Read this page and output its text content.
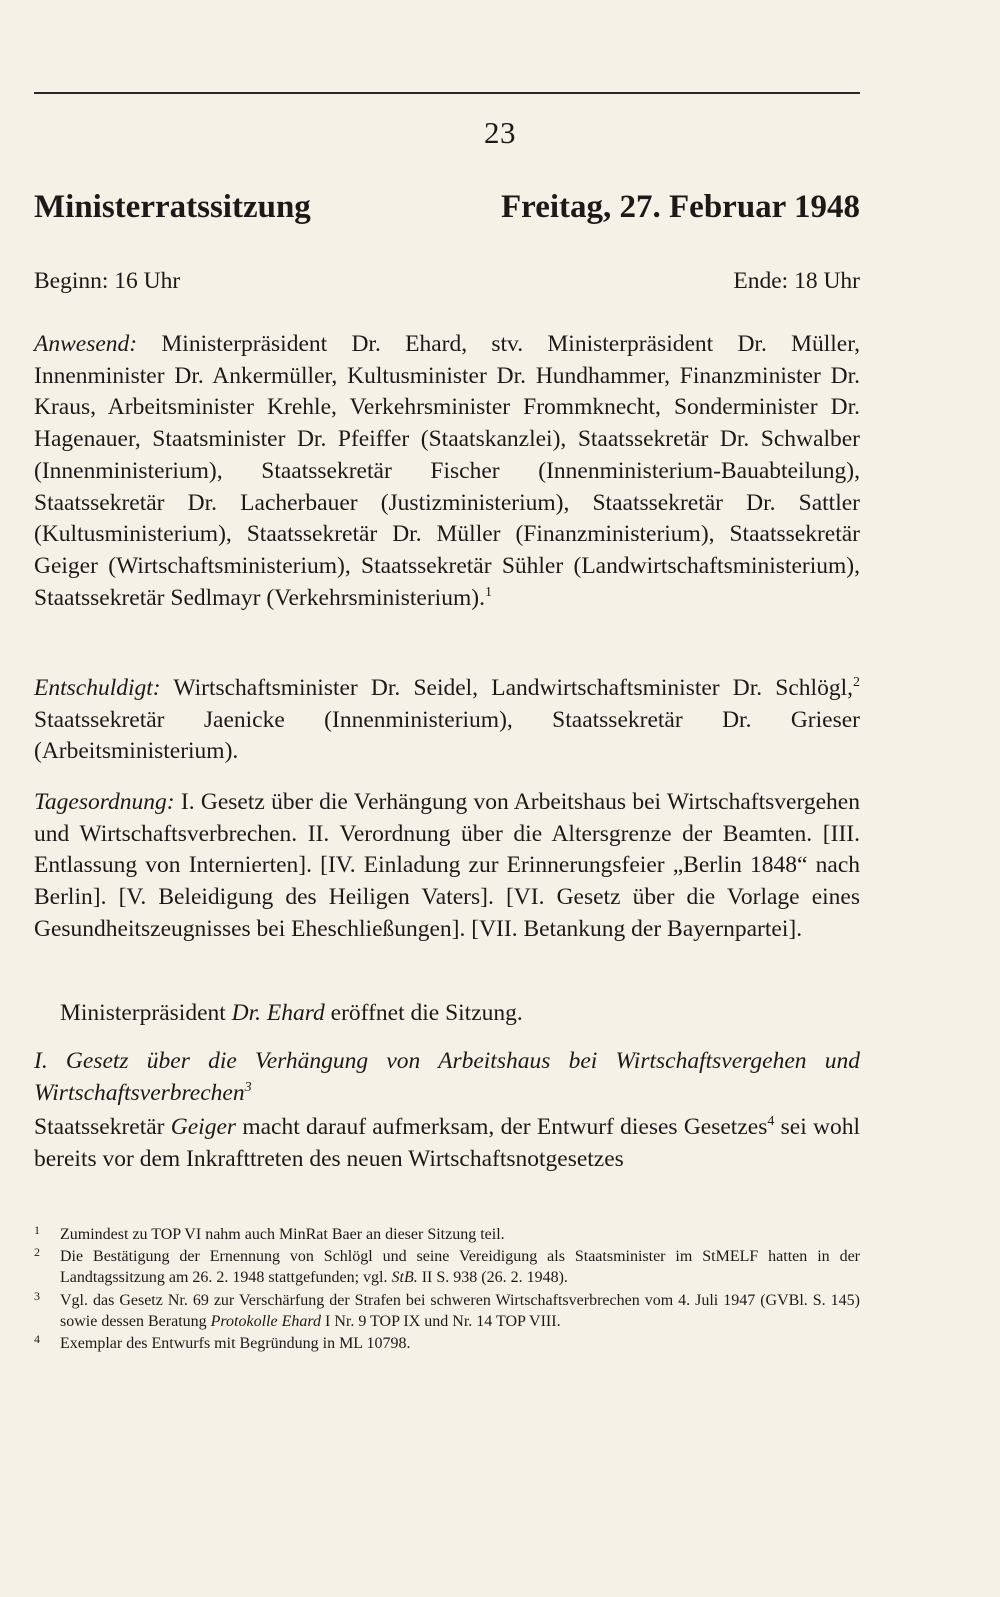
23
Ministerratssitzung	Freitag, 27. Februar 1948
Beginn: 16 Uhr	Ende: 18 Uhr

Anwesend: Ministerpräsident Dr. Ehard, stv. Ministerpräsident Dr. Müller, Innenminister Dr. Ankermüller, Kultusminister Dr. Hundhammer, Finanzminister Dr. Kraus, Arbeitsminister Krehle, Verkehrsminister Frommknecht, Sonderminister Dr. Hagenauer, Staatsminister Dr. Pfeiffer (Staatskanzlei), Staatssekretär Dr. Schwalber (Innenministerium), Staatssekretär Fischer (Innenministerium-Bauabteilung), Staatssekretär Dr. Lacherbauer (Justizministerium), Staatssekretär Dr. Sattler (Kultusministerium), Staatssekretär Dr. Müller (Finanzministerium), Staatssekretär Geiger (Wirtschaftsministerium), Staatssekretär Sühler (Landwirtschaftsministerium), Staatssekretär Sedlmayr (Verkehrsministerium).$^1$

Entschuldigt: Wirtschaftsminister Dr. Seidel, Landwirtschaftsminister Dr. Schlögl,$^2$ Staatssekretär Jaenicke (Innenministerium), Staatssekretär Dr. Grieser (Arbeitsministerium).

Tagesordnung: I. Gesetz über die Verhängung von Arbeitshaus bei Wirtschaftsvergehen und Wirtschaftsverbrechen. II. Verordnung über die Altersgrenze der Beamten. [III. Entlassung von Internierten]. [IV. Einladung zur Erinnerungsfeier „Berlin 1848“ nach Berlin]. [V. Beleidigung des Heiligen Vaters]. [VI. Gesetz über die Vorlage eines Gesundheitszeugnisses bei Eheschließungen]. [VII. Betankung der Bayernpartei].

Ministerpräsident Dr. Ehard eröffnet die Sitzung.

I. Gesetz über die Verhängung von Arbeitshaus bei Wirtschaftsvergehen und Wirtschaftsverbrechen$^3$

Staatssekretär Geiger macht darauf aufmerksam, der Entwurf dieses Gesetzes$^4$ sei wohl bereits vor dem Inkrafttreten des neuen Wirtschaftsnotgesetzes

1 Zumindest zu TOP VI nahm auch MinRat Baer an dieser Sitzung teil.

2 Die Bestätigung der Ernennung von Schlögl und seine Vereidigung als Staatsminister im StMELF hatten in der Landtagssitzung am 26. 2. 1948 stattgefunden; vgl. StB. II S. 938 (26. 2. 1948).

3 Vgl. das Gesetz Nr. 69 zur Verschärfung der Strafen bei schweren Wirtschaftsverbrechen vom 4. Juli 1947 (GVBl. S. 145) sowie dessen Beratung Protokolle Ehard I Nr. 9 TOP IX und Nr. 14 TOP VIII.

4 Exemplar des Entwurfs mit Begründung in ML 10798.
